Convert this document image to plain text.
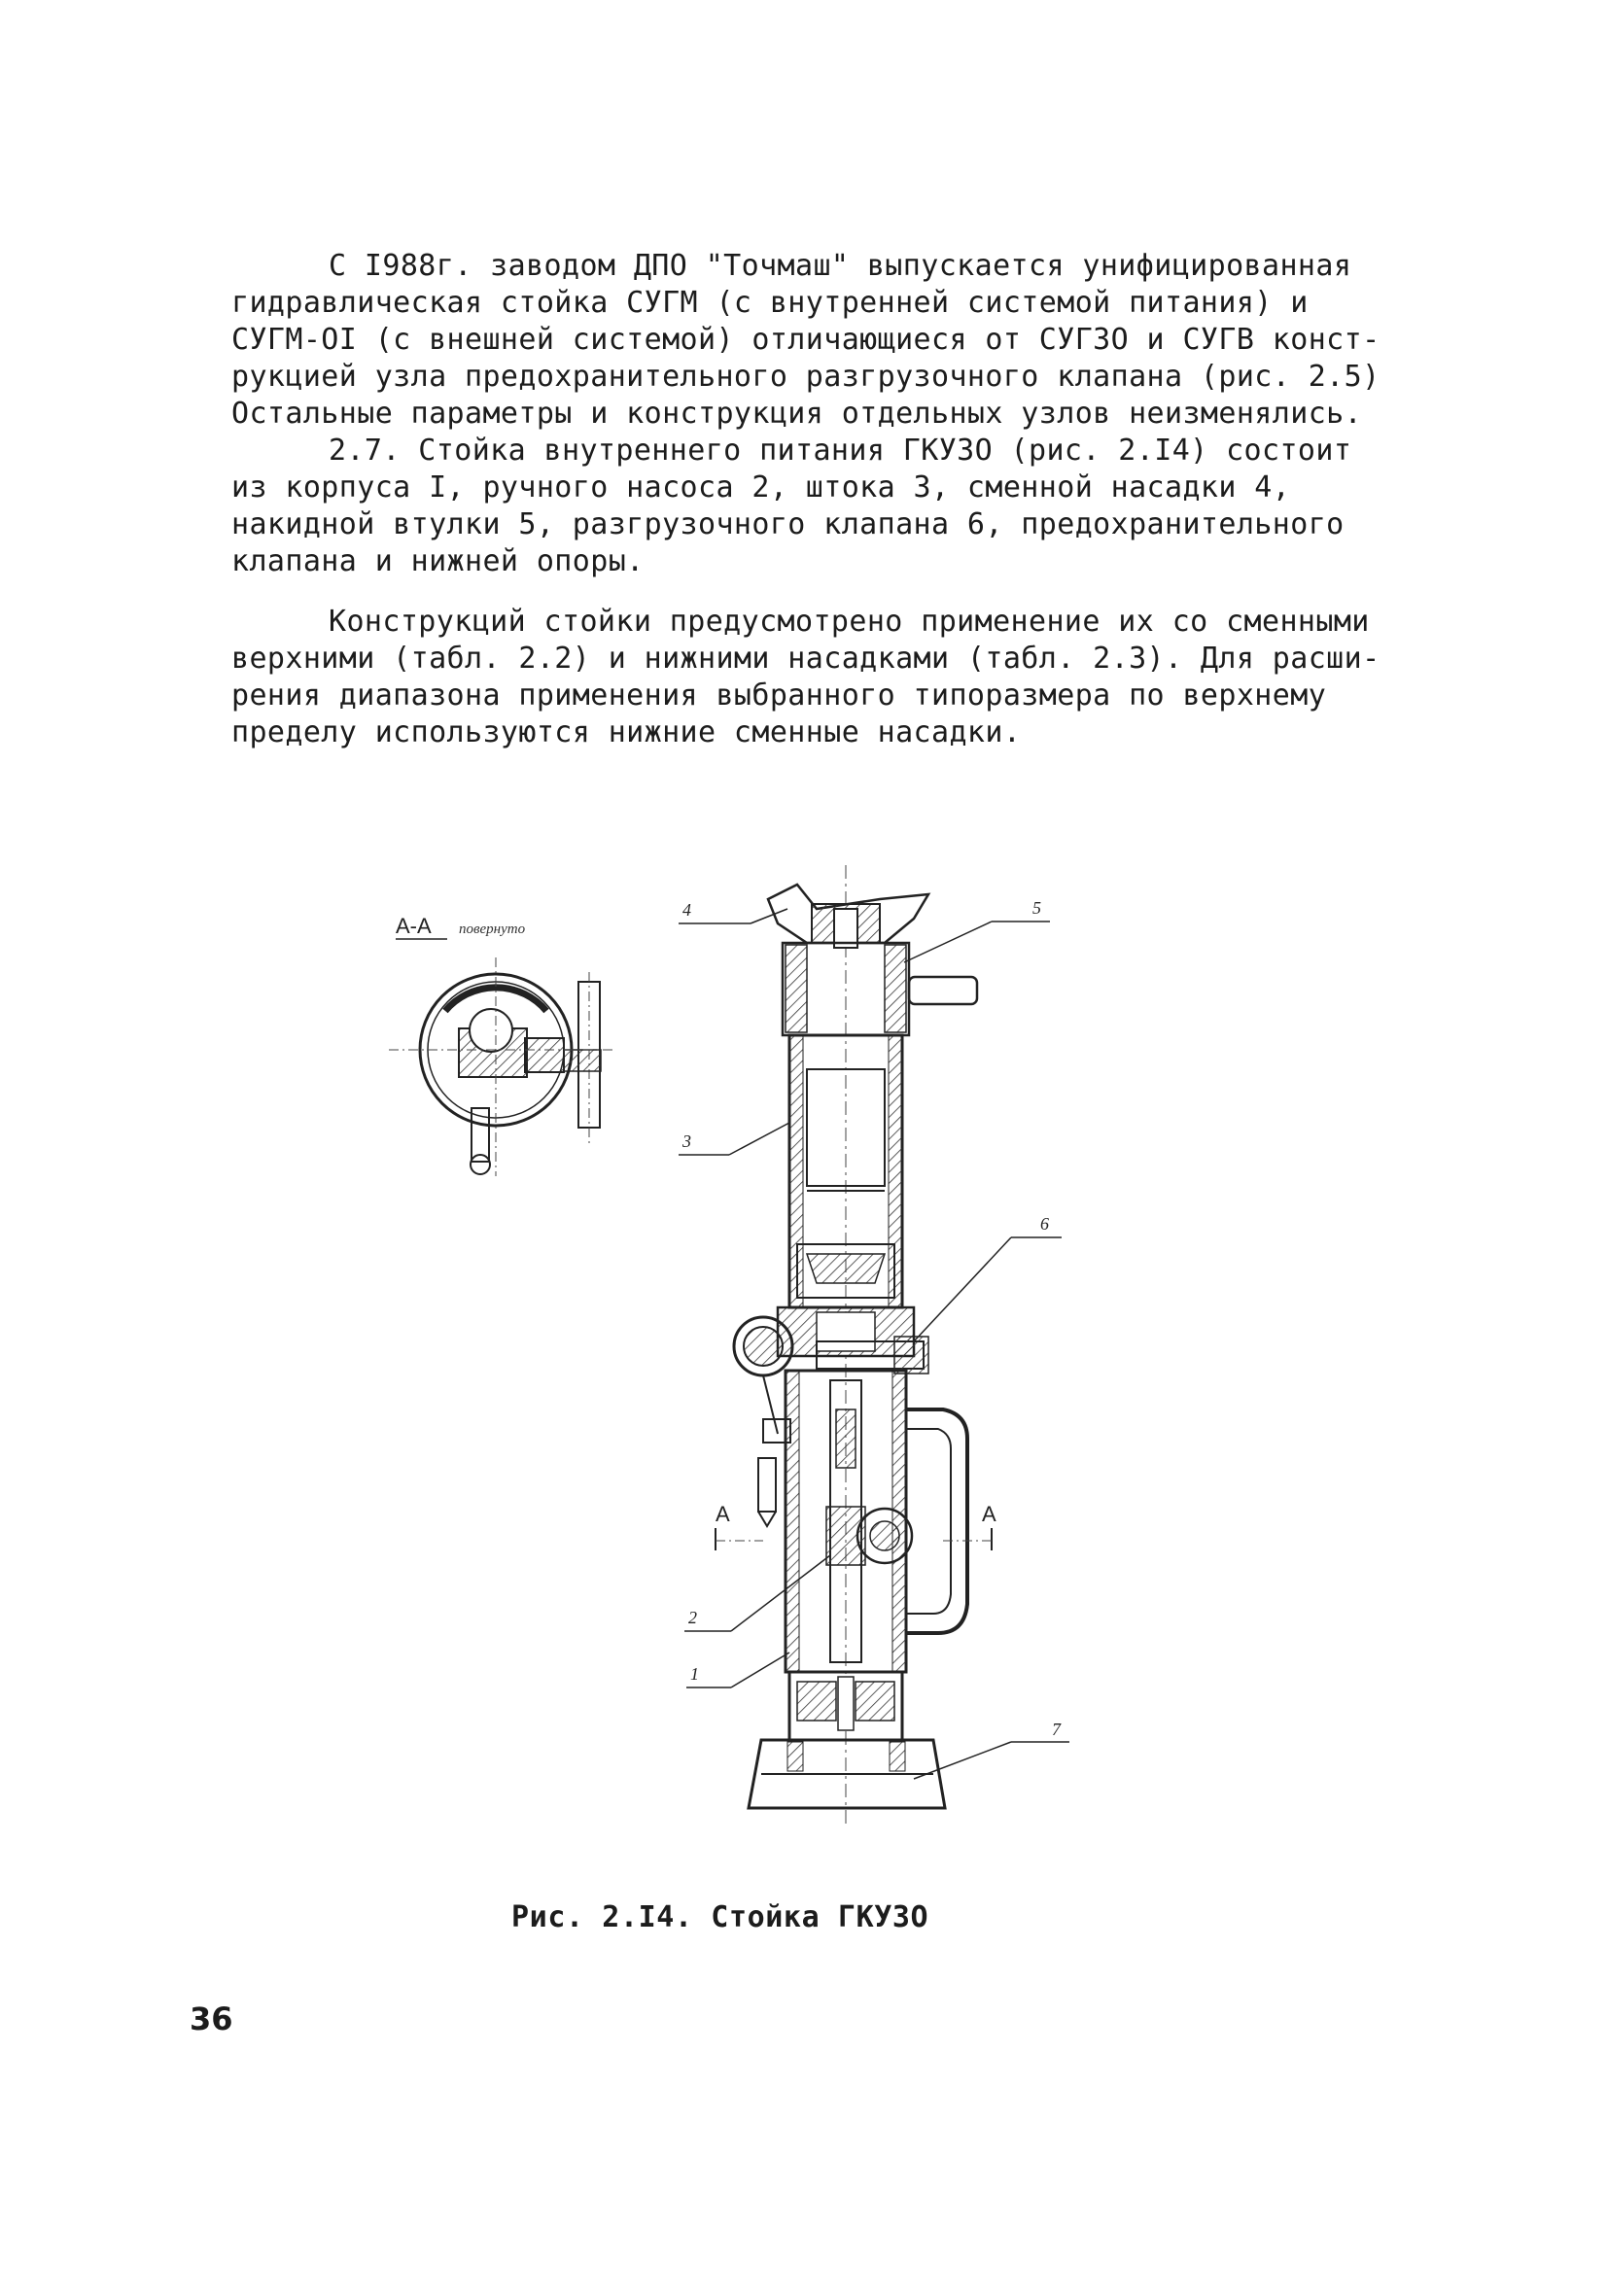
С I988г. заводом ДПО "Точмаш" выпускается унифицированная
гидравлическая стойка СУГМ (с внутренней системой питания) и
СУГМ-ОI (с внешней системой) отличающиеся от СУГ3О и СУГВ конст-
рукцией узла предохранительного разгрузочного клапана (рис. 2.5)
Остальные параметры и конструкция отдельных узлов неизменялись.
2.7. Стойка внутреннего питания ГКУ3О (рис. 2.I4) состоит
из корпуса I, ручного насоса 2, штока 3, сменной насадки 4,
накидной втулки 5, разгрузочного клапана 6, предохранительного
клапана и нижней опоры.
Конструкций стойки предусмотрено применение их со сменными
верхними (табл. 2.2) и нижними насадками (табл. 2.3). Для расши-
рения диапазона применения выбранного типоразмера по верхнему
пределу используются нижние сменные насадки.
А-А повернуто
А	А
4	5
3
6
2
1
7
Рис. 2.I4. Стойка ГКУ3О
36
